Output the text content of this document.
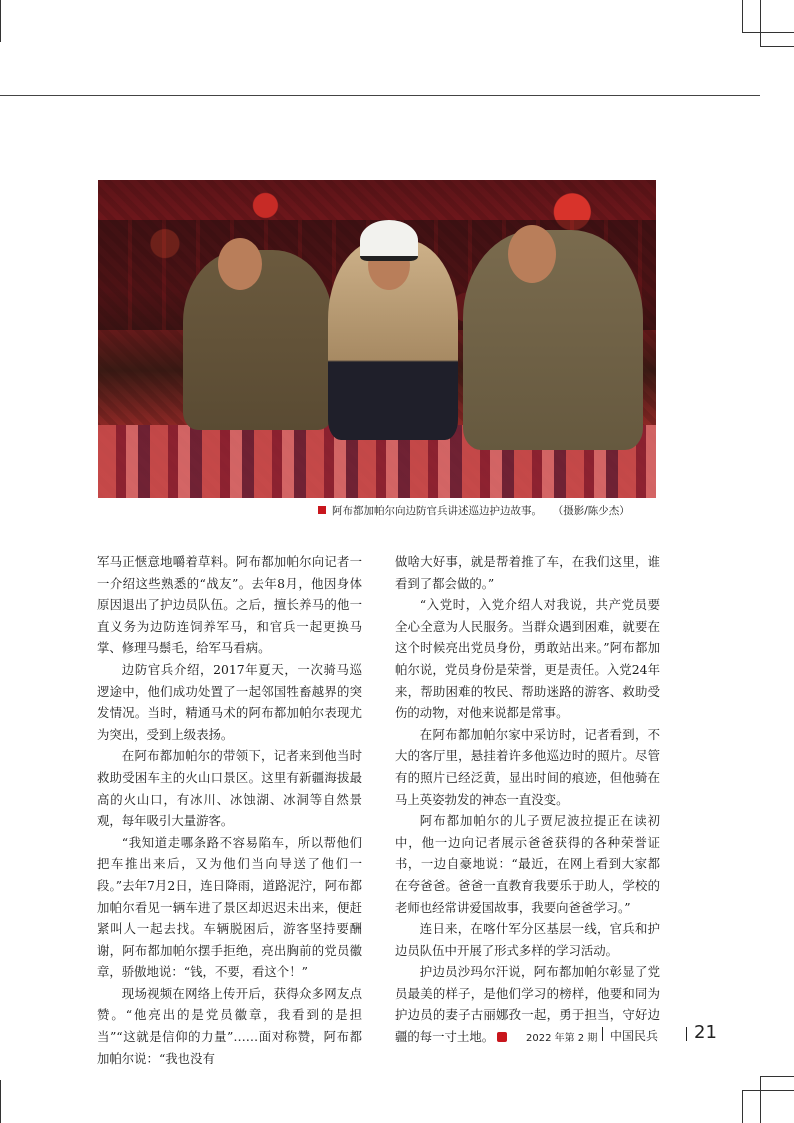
阿布都加帕尔向边防官兵讲述巡边护边故事。 （摄影/陈少杰）

军马正惬意地嚼着草料。阿布都加帕尔向记者一一介绍这些熟悉的“战友”。去年8月，他因身体原因退出了护边员队伍。之后，擅长养马的他一直义务为边防连饲养军马，和官兵一起更换马掌、修理马鬃毛，给军马看病。

边防官兵介绍，2017年夏天，一次骑马巡逻途中，他们成功处置了一起邻国牲畜越界的突发情况。当时，精通马术的阿布都加帕尔表现尤为突出，受到上级表扬。

在阿布都加帕尔的带领下，记者来到他当时救助受困车主的火山口景区。这里有新疆海拔最高的火山口，有冰川、冰蚀湖、冰洞等自然景观，每年吸引大量游客。

“我知道走哪条路不容易陷车，所以帮他们把车推出来后，又为他们当向导送了他们一段。”去年7月2日，连日降雨，道路泥泞，阿布都加帕尔看见一辆车进了景区却迟迟未出来，便赶紧叫人一起去找。车辆脱困后，游客坚持要酬谢，阿布都加帕尔摆手拒绝，亮出胸前的党员徽章，骄傲地说：“钱，不要，看这个！”

现场视频在网络上传开后，获得众多网友点赞。“他亮出的是党员徽章，我看到的是担当”“这就是信仰的力量”……面对称赞，阿布都加帕尔说：“我也没有

做啥大好事，就是帮着推了车，在我们这里，谁看到了都会做的。”

“入党时，入党介绍人对我说，共产党员要全心全意为人民服务。当群众遇到困难，就要在这个时候亮出党员身份，勇敢站出来。”阿布都加帕尔说，党员身份是荣誉，更是责任。入党24年来，帮助困难的牧民、帮助迷路的游客、救助受伤的动物，对他来说都是常事。

在阿布都加帕尔家中采访时，记者看到，不大的客厅里，悬挂着许多他巡边时的照片。尽管有的照片已经泛黄，显出时间的痕迹，但他骑在马上英姿勃发的神态一直没变。

阿布都加帕尔的儿子贾尼波拉提正在读初中，他一边向记者展示爸爸获得的各种荣誉证书，一边自豪地说：“最近，在网上看到大家都在夸爸爸。爸爸一直教育我要乐于助人，学校的老师也经常讲爱国故事，我要向爸爸学习。”

连日来，在喀什军分区基层一线，官兵和护边员队伍中开展了形式多样的学习活动。

护边员沙玛尔汗说，阿布都加帕尔彰显了党员最美的样子，是他们学习的榜样，他要和同为护边员的妻子古丽娜孜一起，勇于担当，守好边疆的每一寸土地。	2022 年第 2 期 中国民兵 21
